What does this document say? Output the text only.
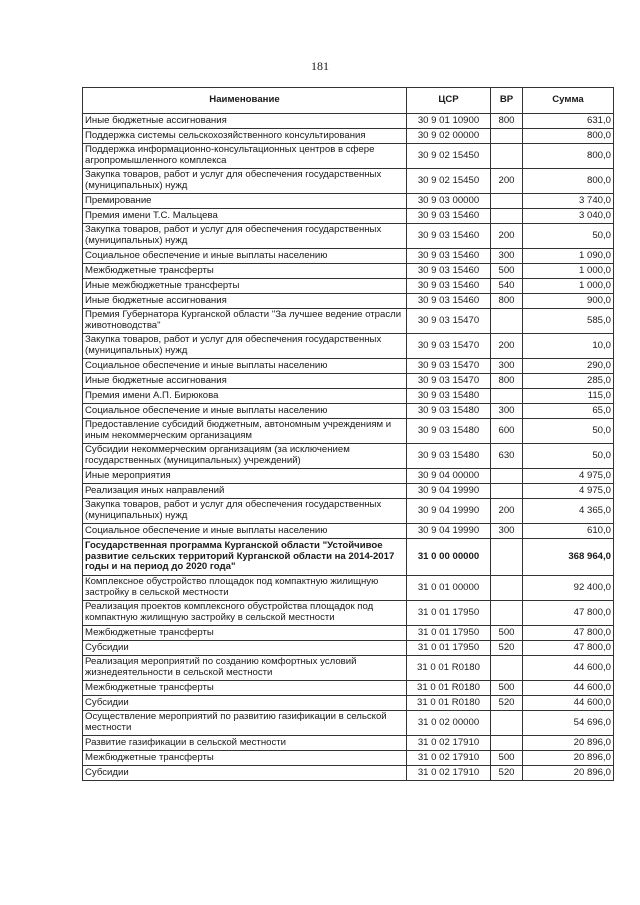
181
Наименование	ЦСР	ВР	Сумма
Иные бюджетные ассигнования	30 9 01 10900	800	631,0
Поддержка системы сельскохозяйственного консультирования	30 9 02 00000		800,0
Поддержка информационно-консультационных центров в сфере агропромышленного комплекса	30 9 02 15450		800,0
Закупка товаров, работ и услуг для обеспечения государственных (муниципальных) нужд	30 9 02 15450	200	800,0
Премирование	30 9 03 00000		3 740,0
Премия имени Т.С. Мальцева	30 9 03 15460		3 040,0
Закупка товаров, работ и услуг для обеспечения государственных (муниципальных) нужд	30 9 03 15460	200	50,0
Социальное обеспечение и иные выплаты населению	30 9 03 15460	300	1 090,0
Межбюджетные трансферты	30 9 03 15460	500	1 000,0
Иные межбюджетные трансферты	30 9 03 15460	540	1 000,0
Иные бюджетные ассигнования	30 9 03 15460	800	900,0
Премия Губернатора Курганской области "За лучшее ведение отрасли животноводства"	30 9 03 15470		585,0
Закупка товаров, работ и услуг для обеспечения государственных (муниципальных) нужд	30 9 03 15470	200	10,0
Социальное обеспечение и иные выплаты населению	30 9 03 15470	300	290,0
Иные бюджетные ассигнования	30 9 03 15470	800	285,0
Премия имени А.П. Бирюкова	30 9 03 15480		115,0
Социальное обеспечение и иные выплаты населению	30 9 03 15480	300	65,0
Предоставление субсидий бюджетным, автономным учреждениям и иным некоммерческим организациям	30 9 03 15480	600	50,0
Субсидии некоммерческим организациям (за исключением государственных (муниципальных) учреждений)	30 9 03 15480	630	50,0
Иные мероприятия	30 9 04 00000		4 975,0
Реализация иных направлений	30 9 04 19990		4 975,0
Закупка товаров, работ и услуг для обеспечения государственных (муниципальных) нужд	30 9 04 19990	200	4 365,0
Социальное обеспечение и иные выплаты населению	30 9 04 19990	300	610,0
Государственная программа Курганской области "Устойчивое развитие сельских территорий Курганской области на 2014-2017 годы и на период до 2020 года"	31 0 00 00000		368 964,0
Комплексное обустройство площадок под компактную жилищную застройку в сельской местности	31 0 01 00000		92 400,0
Реализация проектов комплексного обустройства площадок под компактную жилищную застройку в сельской местности	31 0 01 17950		47 800,0
Межбюджетные трансферты	31 0 01 17950	500	47 800,0
Субсидии	31 0 01 17950	520	47 800,0
Реализация мероприятий по созданию комфортных условий жизнедеятельности в сельской местности	31 0 01 R0180		44 600,0
Межбюджетные трансферты	31 0 01 R0180	500	44 600,0
Субсидии	31 0 01 R0180	520	44 600,0
Осуществление мероприятий по развитию газификации в сельской местности	31 0 02 00000		54 696,0
Развитие газификации в сельской местности	31 0 02 17910		20 896,0
Межбюджетные трансферты	31 0 02 17910	500	20 896,0
Субсидии	31 0 02 17910	520	20 896,0
